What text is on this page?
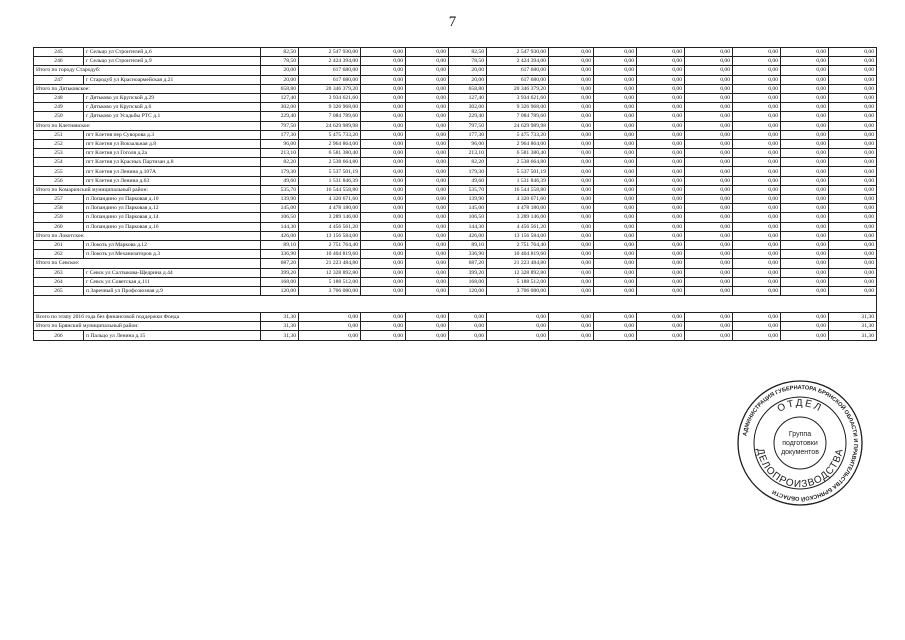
7
245	г Сельцо ул Строителей д.6	82,50	2 547 930,00	0,00	0,00	82,50	2 547 930,00	0,00	0,00	0,00	0,00	0,00	0,00	0,00
246	г Сельцо ул Строителей д.9	78,50	2 424 394,00	0,00	0,00	78,50	2 424 394,00	0,00	0,00	0,00	0,00	0,00	0,00	0,00
Итого по городу Стародуб:		20,00	617 680,00	0,00	0,00	20,00	617 680,00	0,00	0,00	0,00	0,00	0,00	0,00	0,00
247	г Стародуб ул Красноармейская д.21	20,00	617 680,00	0,00	0,00	20,00	617 680,00	0,00	0,00	0,00	0,00	0,00	0,00	0,00
Итого по Дятьковское:		658,80	20 346 379,20	0,00	0,00	658,80	20 346 379,20	0,00	0,00	0,00	0,00	0,00	0,00	0,00
248	г Дятьково ул Крупской д.29	127,40	3 934 621,60	0,00	0,00	127,40	3 934 621,60	0,00	0,00	0,00	0,00	0,00	0,00	0,00
249	г Дятьково ул Крупской д.6	302,00	9 326 968,00	0,00	0,00	302,00	9 326 968,00	0,00	0,00	0,00	0,00	0,00	0,00	0,00
250	г Дятьково ул Усадьбы РТС д.1	229,40	7 084 789,60	0,00	0,00	229,40	7 084 789,60	0,00	0,00	0,00	0,00	0,00	0,00	0,00
Итого по Клетнянское:		797,50	24 629 989,98	0,00	0,00	797,50	24 629 989,98	0,00	0,00	0,00	0,00	0,00	0,00	0,00
251	пгт Клетня пер Суворова д.3	177,30	5 475 733,20	0,00	0,00	177,30	5 475 733,20	0,00	0,00	0,00	0,00	0,00	0,00	0,00
252	пгт Клетня ул Вокзальная д.8	96,00	2 964 864,00	0,00	0,00	96,00	2 964 864,00	0,00	0,00	0,00	0,00	0,00	0,00	0,00
253	пгт Клетня ул Гоголя д.2а	213,10	6 581 380,40	0,00	0,00	213,10	6 581 380,40	0,00	0,00	0,00	0,00	0,00	0,00	0,00
254	пгт Клетня ул Красных Партизан д.8	82,20	2 538 664,80	0,00	0,00	82,20	2 538 664,80	0,00	0,00	0,00	0,00	0,00	0,00	0,00
255	пгт Клетня ул Ленина д.107А	179,30	5 537 501,19	0,00	0,00	179,30	5 537 501,19	0,00	0,00	0,00	0,00	0,00	0,00	0,00
256	пгт Клетня ул Ленина д.63	49,60	1 531 846,39	0,00	0,00	49,60	1 531 846,39	0,00	0,00	0,00	0,00	0,00	0,00	0,00
Итого по Комаричский муниципальный район:		535,70	16 544 558,80	0,00	0,00	535,70	16 544 558,80	0,00	0,00	0,00	0,00	0,00	0,00	0,00
257	п Лопандино ул Парковая д.10	139,90	4 320 671,60	0,00	0,00	139,90	4 320 671,60	0,00	0,00	0,00	0,00	0,00	0,00	0,00
258	п Лопандино ул Парковая д.12	145,00	4 478 180,00	0,00	0,00	145,00	4 478 180,00	0,00	0,00	0,00	0,00	0,00	0,00	0,00
259	п Лопандино ул Парковая д.14	106,50	3 289 146,00	0,00	0,00	106,50	3 289 146,00	0,00	0,00	0,00	0,00	0,00	0,00	0,00
260	п Лопандино ул Парковая д.16	144,30	4 456 561,20	0,00	0,00	144,30	4 456 561,20	0,00	0,00	0,00	0,00	0,00	0,00	0,00
Итого по Локотское:		426,00	13 156 584,00	0,00	0,00	426,00	13 156 584,00	0,00	0,00	0,00	0,00	0,00	0,00	0,00
261	п Локоть ул Маркова д.12	89,10	2 751 764,40	0,00	0,00	89,10	2 751 764,40	0,00	0,00	0,00	0,00	0,00	0,00	0,00
262	п Локоть ул Механизаторов д.3	336,90	10 404 819,60	0,00	0,00	336,90	10 404 819,60	0,00	0,00	0,00	0,00	0,00	0,00	0,00
Итого по Севское:		687,20	21 223 484,80	0,00	0,00	687,20	21 223 484,80	0,00	0,00	0,00	0,00	0,00	0,00	0,00
263	г Севск ул Салтыкова-Щедрина д.44	399,20	12 328 892,80	0,00	0,00	399,20	12 328 892,80	0,00	0,00	0,00	0,00	0,00	0,00	0,00
264	г Севск ул Советская д.111	168,00	5 188 512,00	0,00	0,00	168,00	5 188 512,00	0,00	0,00	0,00	0,00	0,00	0,00	0,00
265	п Заречный ул Профсоюзная д.9	120,00	3 706 080,00	0,00	0,00	120,00	3 706 080,00	0,00	0,00	0,00	0,00	0,00	0,00	0,00

Всего по этапу 2016 года без финансовой поддержки Фонда		31,30	0,00	0,00	0,00	0,00	0,00	0,00	0,00	0,00	0,00	0,00	0,00	31,30
Итого по Брянский муниципальный район:		31,30	0,00	0,00	0,00	0,00	0,00	0,00	0,00	0,00	0,00	0,00	0,00	31,30
266	п Пальцо ул Ленина д.15	31,30	0,00	0,00	0,00	0,00	0,00	0,00	0,00	0,00	0,00	0,00	0,00	31,30
АДМИНИСТРАЦИЯ ГУБЕРНАТОРА БРЯНСКОЙ ОБЛАСТИ И ПРАВИТЕЛЬСТВА БРЯНСКОЙ ОБЛАСТИ
ОТДЕЛ
ДЕЛОПРОИЗВОДСТВА
Группа
подготовки
документов
